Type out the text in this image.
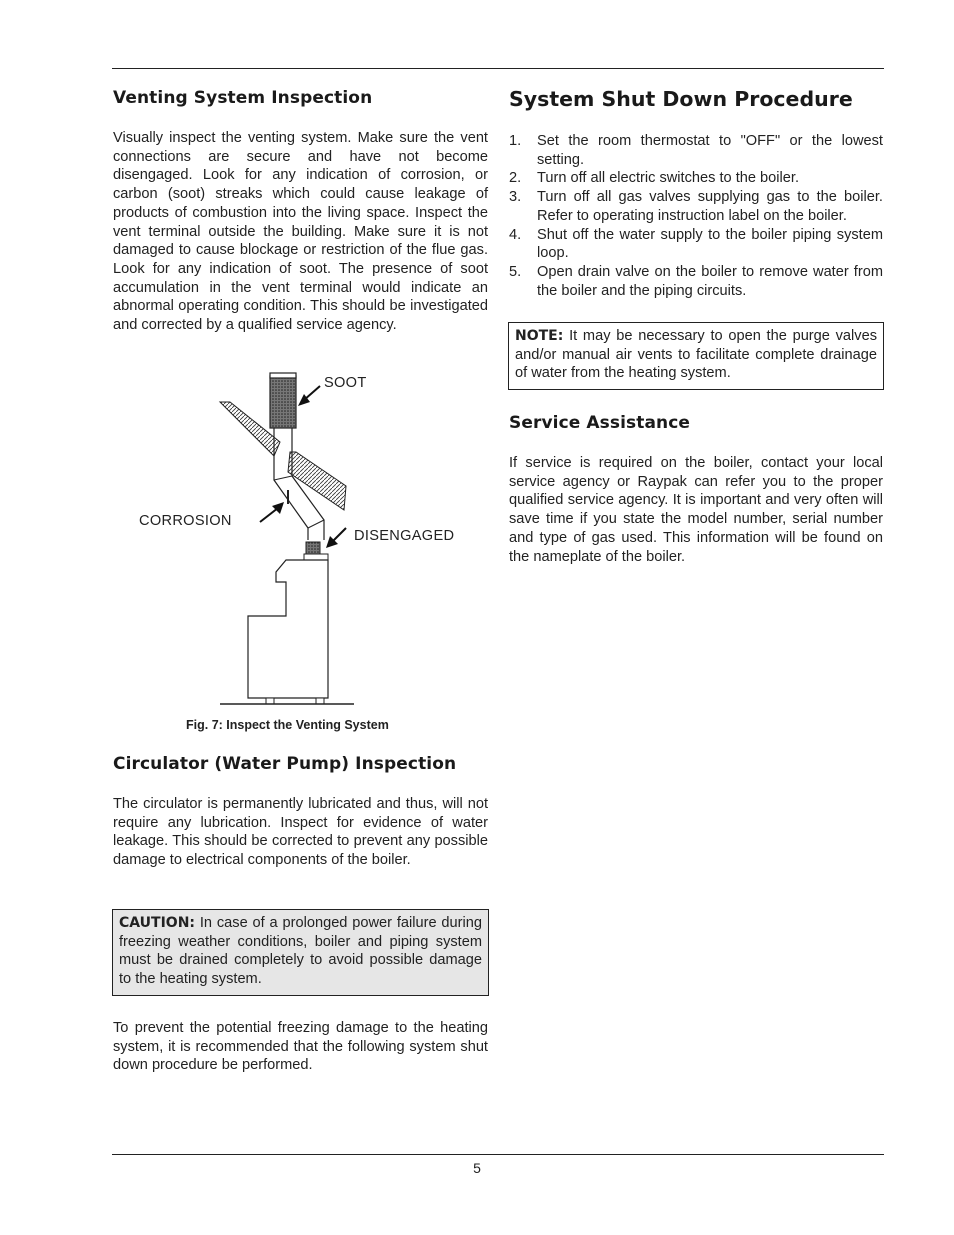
Venting System Inspection

Visually inspect the venting system. Make sure the vent connections are secure and have not become disengaged. Look for any indication of corrosion, or carbon (soot) streaks which could cause leakage of products of combustion into the living space. Inspect the vent terminal outside the building. Make sure it is not damaged to cause blockage or restriction of the flue gas. Look for any indication of soot. The presence of soot accumulation in the vent terminal would indicate an abnormal operating condition. This should be investigated and corrected by a qualified service agency.

SOOT
CORROSION
DISENGAGED
Fig. 7: Inspect the Venting System
Circulator (Water Pump) Inspection

The circulator is permanently lubricated and thus, will not require any lubrication. Inspect for evidence of water leakage. This should be corrected to prevent any possible damage to electrical components of the boiler.

CAUTION: In case of a prolonged power failure during freezing weather conditions, boiler and piping system must be drained completely to avoid possible damage to the heating system.

To prevent the potential freezing damage to the heating system, it is recommended that the following system shut down procedure be performed.

System Shut Down Procedure
1. Set the room thermostat to "OFF" or the lowest setting.
2. Turn off all electric switches to the boiler.
3. Turn off all gas valves supplying gas to the boiler. Refer to operating instruction label on the boiler.
4. Shut off the water supply to the boiler piping system loop.
5. Open drain valve on the boiler to remove water from the boiler and the piping circuits.
NOTE: It may be necessary to open the purge valves and/or manual air vents to facilitate complete drainage of water from the heating system.
Service Assistance

If service is required on the boiler, contact your local service agency or Raypak can refer you to the proper qualified service agency. It is important and very often will save time if you state the model number, serial number and type of gas used. This information will be found on the nameplate of the boiler.

5
